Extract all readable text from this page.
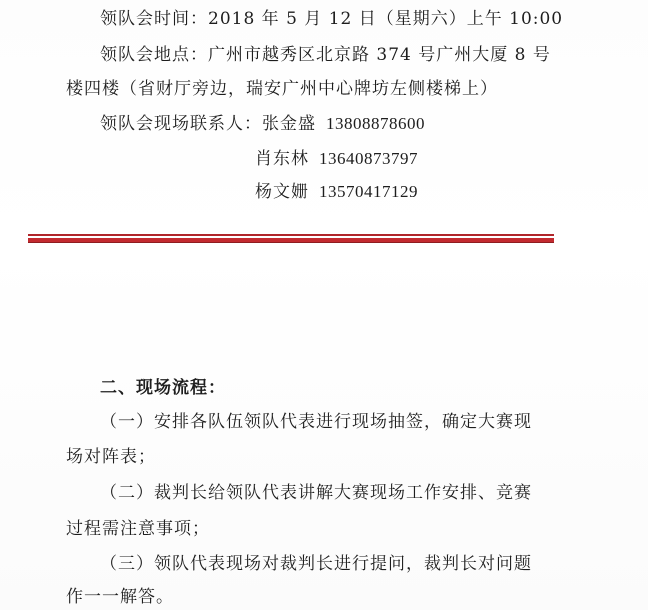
领队会时间：2018 年 5 月 12 日（星期六）上午 10:00
领队会地点：广州市越秀区北京路 374 号广州大厦 8 号
楼四楼（省财厅旁边，瑞安广州中心牌坊左侧楼梯上）
领队会现场联系人：张金盛 13808878600
肖东林 13640873797
杨文姗 13570417129
二、现场流程：
（一）安排各队伍领队代表进行现场抽签，确定大赛现
场对阵表；
（二）裁判长给领队代表讲解大赛现场工作安排、竞赛
过程需注意事项；
（三）领队代表现场对裁判长进行提问，裁判长对问题
作一一解答。
